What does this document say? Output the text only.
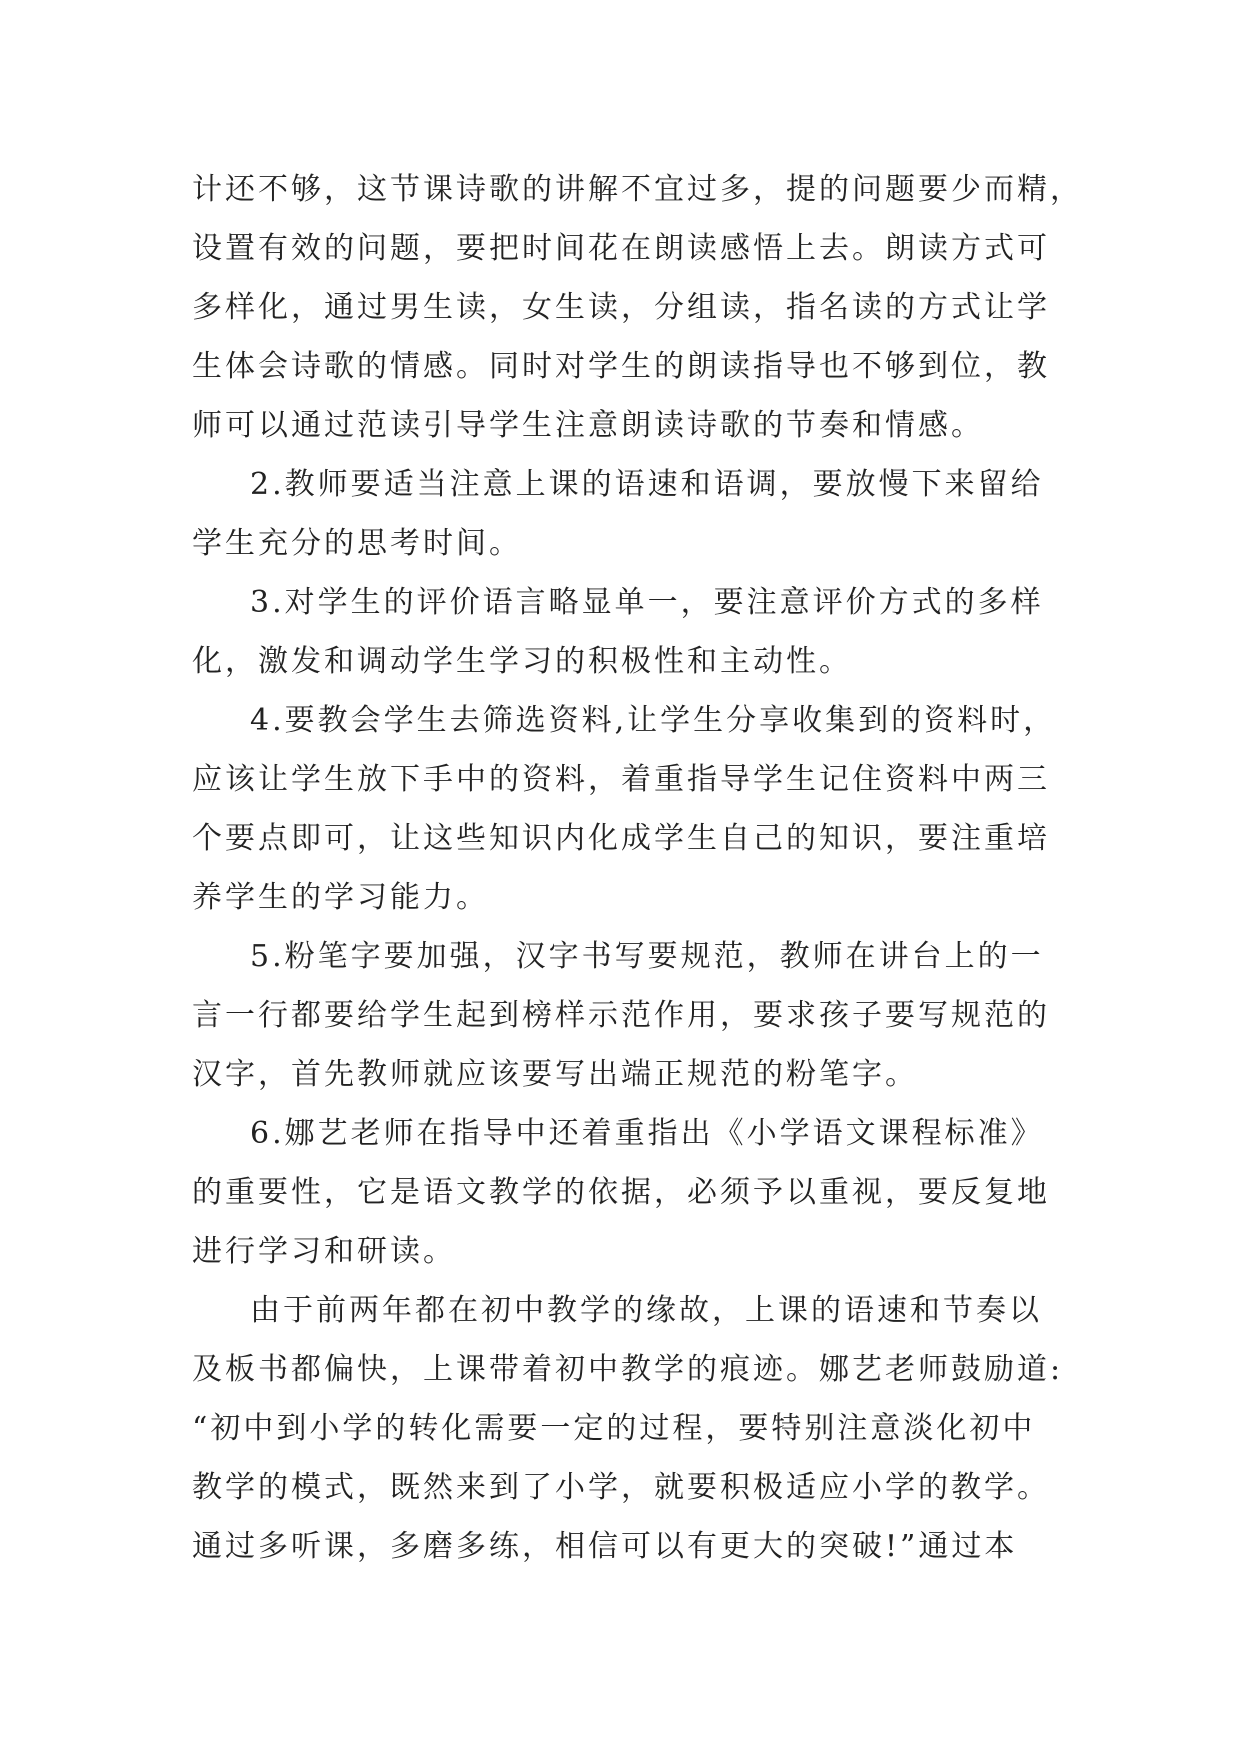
计还不够，这节课诗歌的讲解不宜过多，提的问题要少而精，
设置有效的问题，要把时间花在朗读感悟上去。朗读方式可
多样化，通过男生读，女生读，分组读，指名读的方式让学
生体会诗歌的情感。同时对学生的朗读指导也不够到位，教
师可以通过范读引导学生注意朗读诗歌的节奏和情感。
2.教师要适当注意上课的语速和语调，要放慢下来留给
学生充分的思考时间。
3.对学生的评价语言略显单一，要注意评价方式的多样
化，激发和调动学生学习的积极性和主动性。
4.要教会学生去筛选资料,让学生分享收集到的资料时，
应该让学生放下手中的资料，着重指导学生记住资料中两三
个要点即可，让这些知识内化成学生自己的知识，要注重培
养学生的学习能力。
5.粉笔字要加强，汉字书写要规范，教师在讲台上的一
言一行都要给学生起到榜样示范作用，要求孩子要写规范的
汉字，首先教师就应该要写出端正规范的粉笔字。
6.娜艺老师在指导中还着重指出《小学语文课程标准》
的重要性，它是语文教学的依据，必须予以重视，要反复地
进行学习和研读。
由于前两年都在初中教学的缘故，上课的语速和节奏以
及板书都偏快，上课带着初中教学的痕迹。娜艺老师鼓励道:
“初中到小学的转化需要一定的过程，要特别注意淡化初中
教学的模式，既然来到了小学，就要积极适应小学的教学。
通过多听课，多磨多练，相信可以有更大的突破!”通过本
